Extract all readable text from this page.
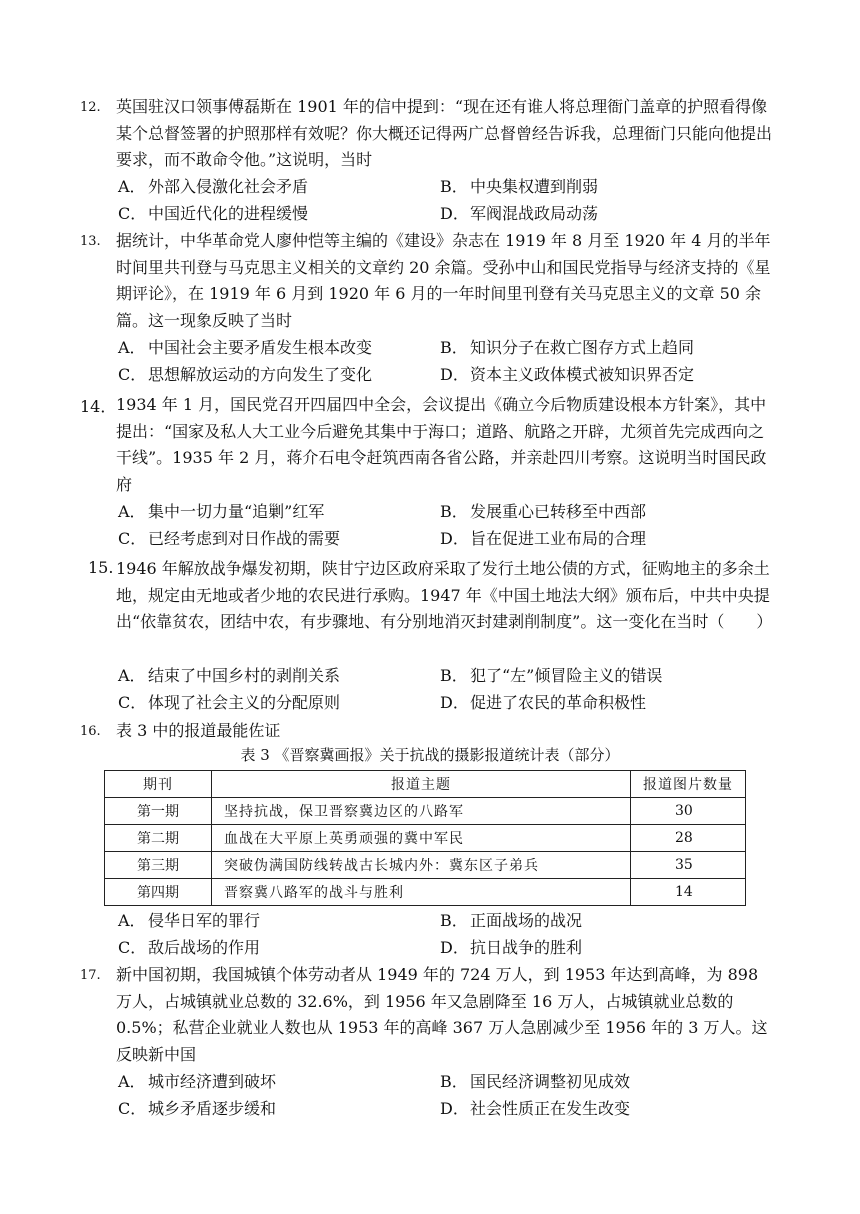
12. 英国驻汉口领事傅磊斯在 1901 年的信中提到：“现在还有谁人将总理衙门盖章的护照看得像某个总督签署的护照那样有效呢？你大概还记得两广总督曾经告诉我，总理衙门只能向他提出要求，而不敢命令他。”这说明，当时
A． 外部入侵激化社会矛盾	B． 中央集权遭到削弱
C． 中国近代化的进程缓慢	D． 军阀混战政局动荡
13. 据统计，中华革命党人廖仲恺等主编的《建设》杂志在 1919 年 8 月至 1920 年 4 月的半年时间里共刊登与马克思主义相关的文章约 20 余篇。受孙中山和国民党指导与经济支持的《星期评论》，在 1919 年 6 月到 1920 年 6 月的一年时间里刊登有关马克思主义的文章 50 余篇。这一现象反映了当时
A． 中国社会主要矛盾发生根本改变	B． 知识分子在救亡图存方式上趋同
C． 思想解放运动的方向发生了变化	D． 资本主义政体模式被知识界否定
14． 1934 年 1 月，国民党召开四届四中全会，会议提出《确立今后物质建设根本方针案》，其中提出：“国家及私人大工业今后避免其集中于海口；道路、航路之开辟，尤须首先完成西向之干线”。1935 年 2 月，蒋介石电令赶筑西南各省公路，并亲赴四川考察。这说明当时国民政府
A． 集中一切力量“追剿”红军	B． 发展重心已转移至中西部
C． 已经考虑到对日作战的需要	D． 旨在促进工业布局的合理
15. 1946 年解放战争爆发初期，陕甘宁边区政府采取了发行土地公债的方式，征购地主的多余土地，规定由无地或者少地的农民进行承购。1947 年《中国土地法大纲》颁布后，中共中央提出“依靠贫农，团结中农，有步骤地、有分别地消灭封建剥削制度”。这一变化在当时（　　）
A． 结束了中国乡村的剥削关系	B． 犯了“左”倾冒险主义的错误
C． 体现了社会主义的分配原则	D． 促进了农民的革命积极性
16. 表 3 中的报道最能佐证
表 3 《晋察冀画报》关于抗战的摄影报道统计表（部分）
期刊	报道主题	报道图片数量
第一期	坚持抗战，保卫晋察冀边区的八路军	30
第二期	血战在大平原上英勇顽强的冀中军民	28
第三期	突破伪满国防线转战古长城内外：冀东区子弟兵	35
第四期	晋察冀八路军的战斗与胜利	14
A． 侵华日军的罪行	B． 正面战场的战况
C． 敌后战场的作用	D． 抗日战争的胜利
17. 新中国初期，我国城镇个体劳动者从 1949 年的 724 万人，到 1953 年达到高峰，为 898 万人，占城镇就业总数的 32.6%，到 1956 年又急剧降至 16 万人，占城镇就业总数的 0.5%；私营企业就业人数也从 1953 年的高峰 367 万人急剧减少至 1956 年的 3 万人。这反映新中国
A． 城市经济遭到破坏	B． 国民经济调整初见成效
C． 城乡矛盾逐步缓和	D． 社会性质正在发生改变
